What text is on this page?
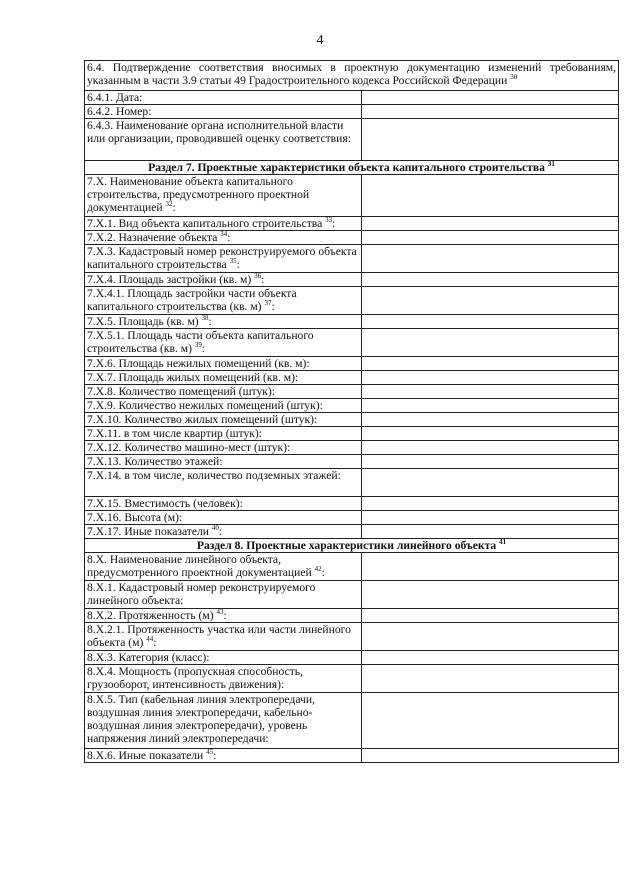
4
6.4. Подтверждение соответствия вносимых в проектную документацию изменений требованиям, указанным в части 3.9 статьи 49 Градостроительного кодекса Российской Федерации $^{30}$
6.4.1. Дата:	
6.4.2. Номер:	
6.4.3. Наименование органа исполнительной власти или организации, проводившей оценку соответствия:	
Раздел 7. Проектные характеристики объекта капитального строительства $^{31}$
7.Х. Наименование объекта капитального строительства, предусмотренного проектной документацией $^{32}$:	
7.Х.1. Вид объекта капитального строительства $^{33}$:	
7.Х.2. Назначение объекта $^{34}$:	
7.Х.3. Кадастровый номер реконструируемого объекта капитального строительства $^{35}$:	
7.Х.4. Площадь застройки (кв. м) $^{36}$:	
7.Х.4.1. Площадь застройки части объекта капитального строительства (кв. м) $^{37}$:	
7.Х.5. Площадь (кв. м) $^{38}$:	
7.Х.5.1. Площадь части объекта капитального строительства (кв. м) $^{39}$:	
7.Х.6. Площадь нежилых помещений (кв. м):	
7.Х.7. Площадь жилых помещений (кв. м):	
7.Х.8. Количество помещений (штук):	
7.Х.9. Количество нежилых помещений (штук):	
7.Х.10. Количество жилых помещений (штук):	
7.Х.11. в том числе квартир (штук):	
7.Х.12. Количество машино-мест (штук):	
7.Х.13. Количество этажей:	
7.Х.14. в том числе, количество подземных этажей:	
7.Х.15. Вместимость (человек):	
7.Х.16. Высота (м):	
7.Х.17. Иные показатели $^{40}$:	
Раздел 8. Проектные характеристики линейного объекта $^{41}$
8.Х. Наименование линейного объекта, предусмотренного проектной документацией $^{42}$:	
8.Х.1. Кадастровый номер реконструируемого линейного объекта:	
8.Х.2. Протяженность (м) $^{43}$:	
8.Х.2.1. Протяженность участка или части линейного объекта (м) $^{44}$:	
8.Х.3. Категория (класс):	
8.Х.4. Мощность (пропускная способность, грузооборот, интенсивность движения):	
8.Х.5. Тип (кабельная линия электропередачи, воздушная линия электропередачи, кабельно-воздушная линия электропередачи), уровень напряжения линий электропередачи:	
8.Х.6. Иные показатели $^{45}$:	
